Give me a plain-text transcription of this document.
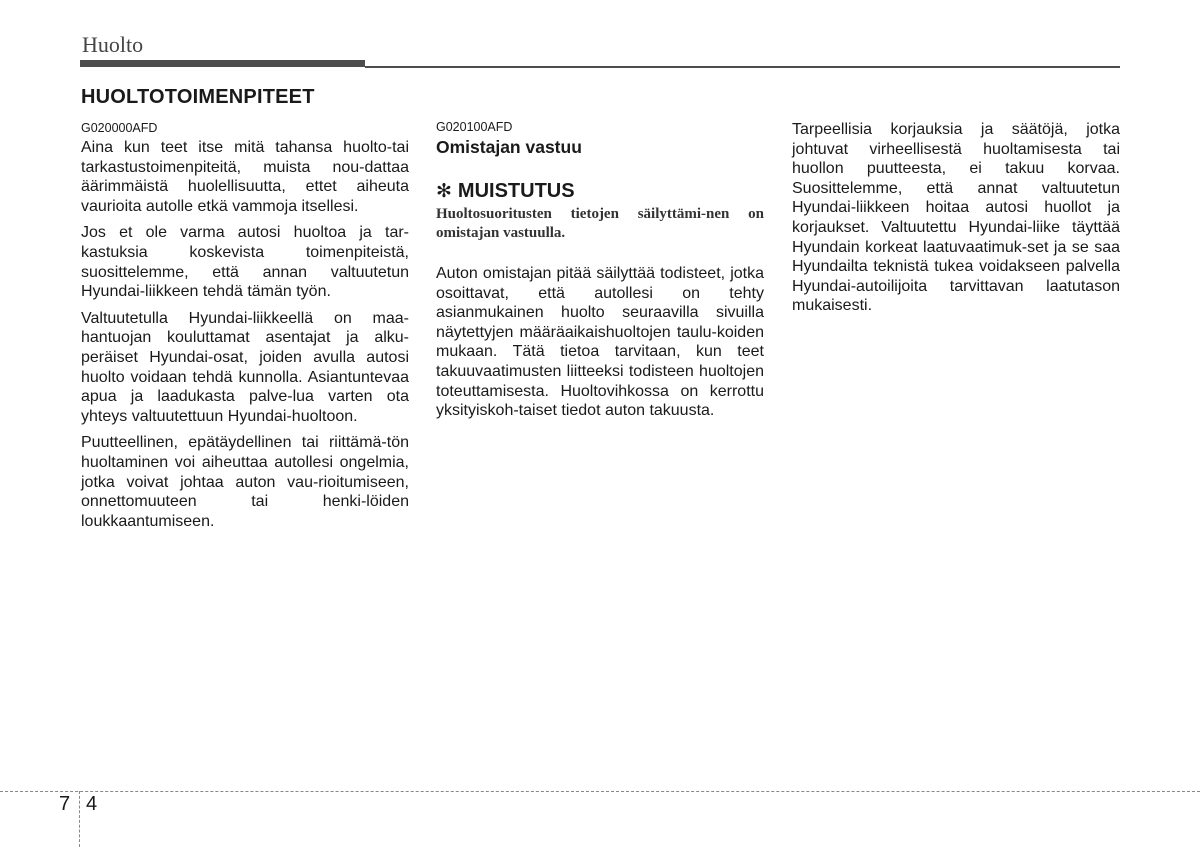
Huolto
HUOLTOTOIMENPITEET
G020000AFD

Aina kun teet itse mitä tahansa huolto-tai tarkastustoimenpiteitä, muista nou-dattaa äärimmäistä huolellisuutta, ettet aiheuta vaurioita autolle etkä vammoja itsellesi.

Jos et ole varma autosi huoltoa ja tar-kastuksia koskevista toimenpiteistä, suosittelemme, että annan valtuutetun Hyundai-liikkeen tehdä tämän työn.

Valtuutetulla Hyundai-liikkeellä on maa-hantuojan kouluttamat asentajat ja alku-peräiset Hyundai-osat, joiden avulla autosi huolto voidaan tehdä kunnolla. Asiantuntevaa apua ja laadukasta palve-lua varten ota yhteys valtuutettuun Hyundai-huoltoon.

Puutteellinen, epätäydellinen tai riittämä-tön huoltaminen voi aiheuttaa autollesi ongelmia, jotka voivat johtaa auton vau-rioitumiseen, onnettomuuteen tai henki-löiden loukkaantumiseen.

G020100AFD
Omistajan vastuu
✻ MUISTUTUS
Huoltosuoritusten tietojen säilyttämi-nen on omistajan vastuulla.

Auton omistajan pitää säilyttää todisteet, jotka osoittavat, että autollesi on tehty asianmukainen huolto seuraavilla sivuilla näytettyjen määräaikaishuoltojen taulu-koiden mukaan. Tätä tietoa tarvitaan, kun teet takuuvaatimusten liitteeksi todisteen huoltojen toteuttamisesta. Huoltovihkossa on kerrottu yksityiskoh-taiset tiedot auton takuusta.

Tarpeellisia korjauksia ja säätöjä, jotka johtuvat virheellisestä huoltamisesta tai huollon puutteesta, ei takuu korvaa. Suosittelemme, että annat valtuutetun Hyundai-liikkeen hoitaa autosi huollot ja korjaukset. Valtuutettu Hyundai-liike täyttää Hyundain korkeat laatuvaatimuk-set ja se saa Hyundailta teknistä tukea voidakseen palvella Hyundai-autoilijoita tarvittavan laatutason mukaisesti.

7 4
